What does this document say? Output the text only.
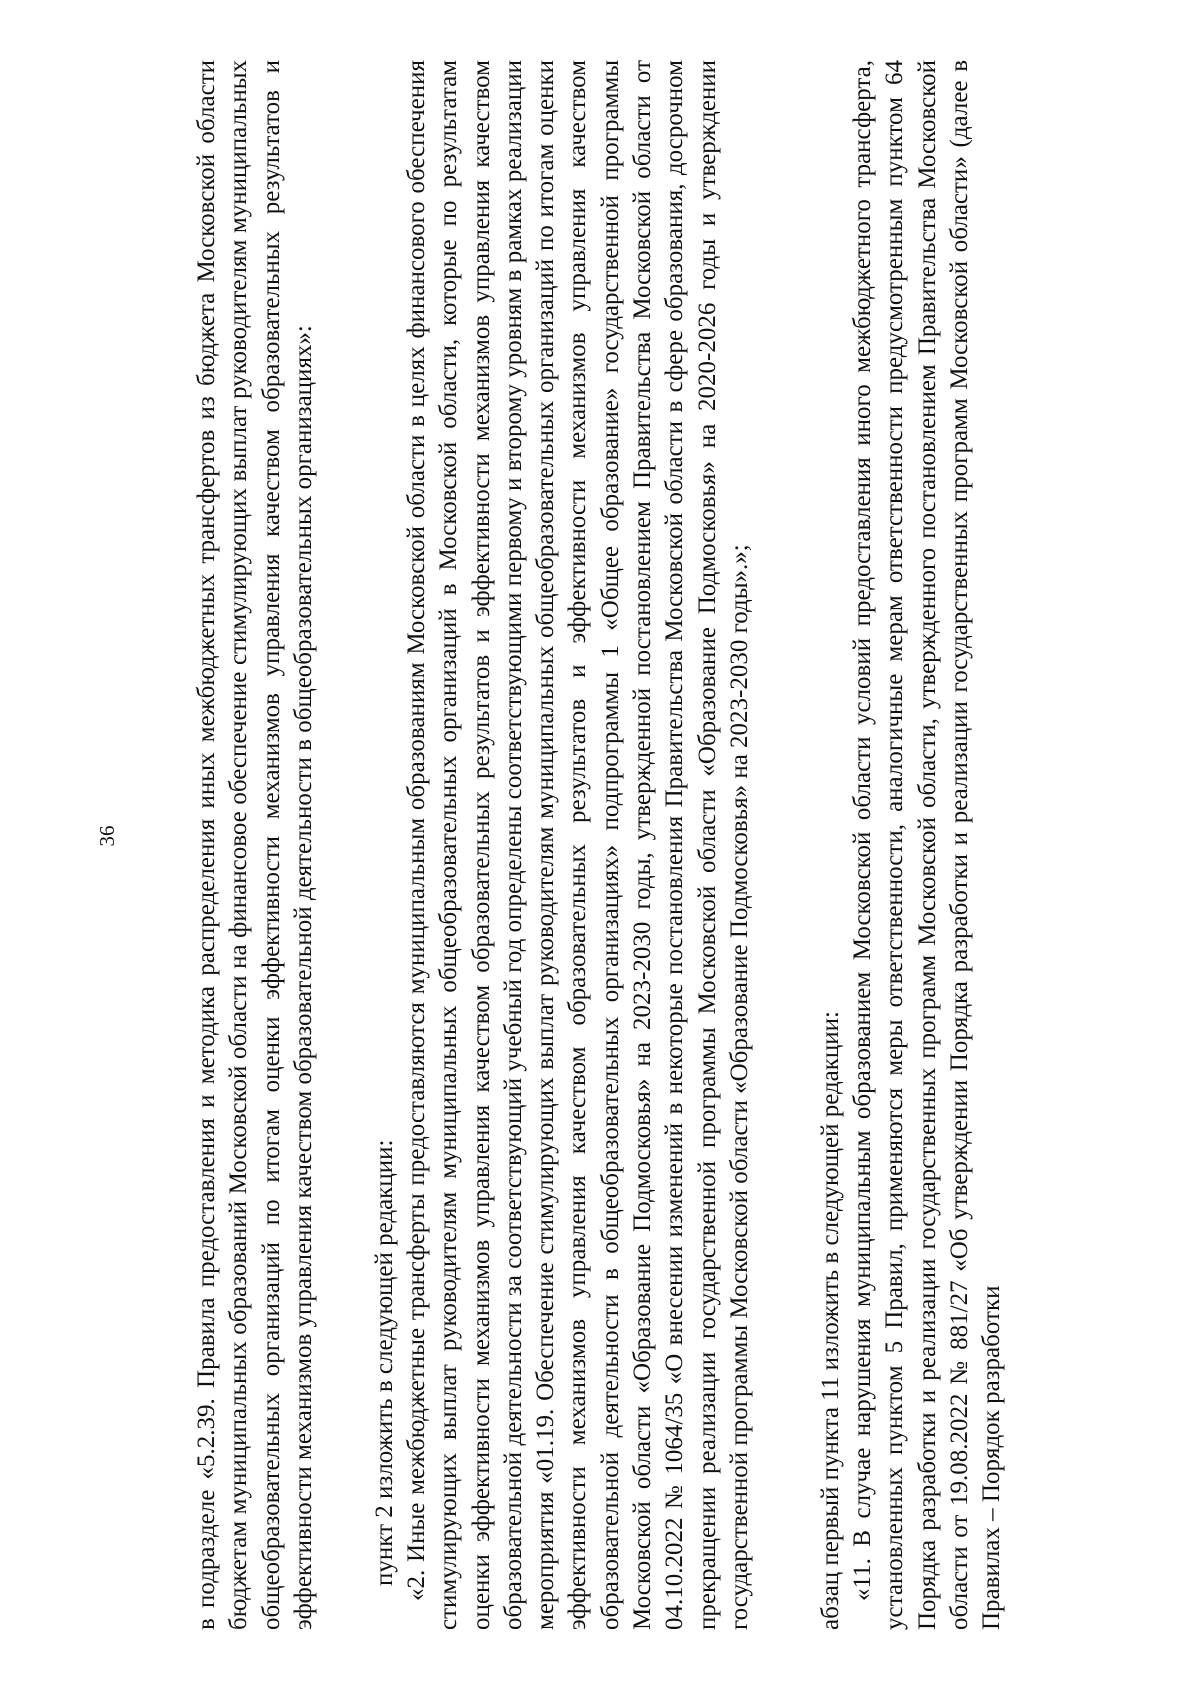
36	в подразделе «5.2.39. Правила предоставления и методика распределения иных межбюджетных трансфертов из бюджета Московской области бюджетам муниципальных образований Московской области на финансовое обеспечение стимулирующих выплат руководителям муниципальных общеобразовательных организаций по итогам оценки эффективности механизмов управления качеством образовательных результатов и эффективности механизмов управления качеством образовательной деятельности в общеобразовательных организациях»: пункт 2 изложить в следующей редакции: «2. Иные межбюджетные трансферты предоставляются муниципальным образованиям Московской области в целях финансового обеспечения стимулирующих выплат руководителям муниципальных общеобразовательных организаций в Московской области, которые по результатам оценки эффективности механизмов управления качеством образовательных результатов и эффективности механизмов управления качеством образовательной деятельности за соответствующий учебный год определены соответствующими первому и второму уровням в рамках реализации мероприятия «01.19. Обеспечение стимулирующих выплат руководителям муниципальных общеобразовательных организаций по итогам оценки эффективности механизмов управления качеством образовательных результатов и эффективности механизмов управления качеством образовательной деятельности в общеобразовательных организациях» подпрограммы 1 «Общее образование» государственной программы Московской области «Образование Подмосковья» на 2023-2030 годы, утвержденной постановлением Правительства Московской области от 04.10.2022 № 1064/35 «О внесении изменений в некоторые постановления Правительства Московской области в сфере образования, досрочном прекращении реализации государственной программы Московской области «Образование Подмосковья» на 2020-2026 годы и утверждении государственной программы Московской области «Образование Подмосковья» на 2023-2030 годы».»;	абзац первый пункта 11 изложить в следующей редакции: «11. В случае нарушения муниципальным образованием Московской области условий предоставления иного межбюджетного трансферта, установленных пунктом 5 Правил, применяются меры ответственности, аналогичные мерам ответственности предусмотренным пунктом 64 Порядка разработки и реализации государственных программ Московской области, утвержденного постановлением Правительства Московской области от 19.08.2022 № 881/27 «Об утверждении Порядка разработки и реализации государственных программ Московской области» (далее в Правилах – Порядок разработки
